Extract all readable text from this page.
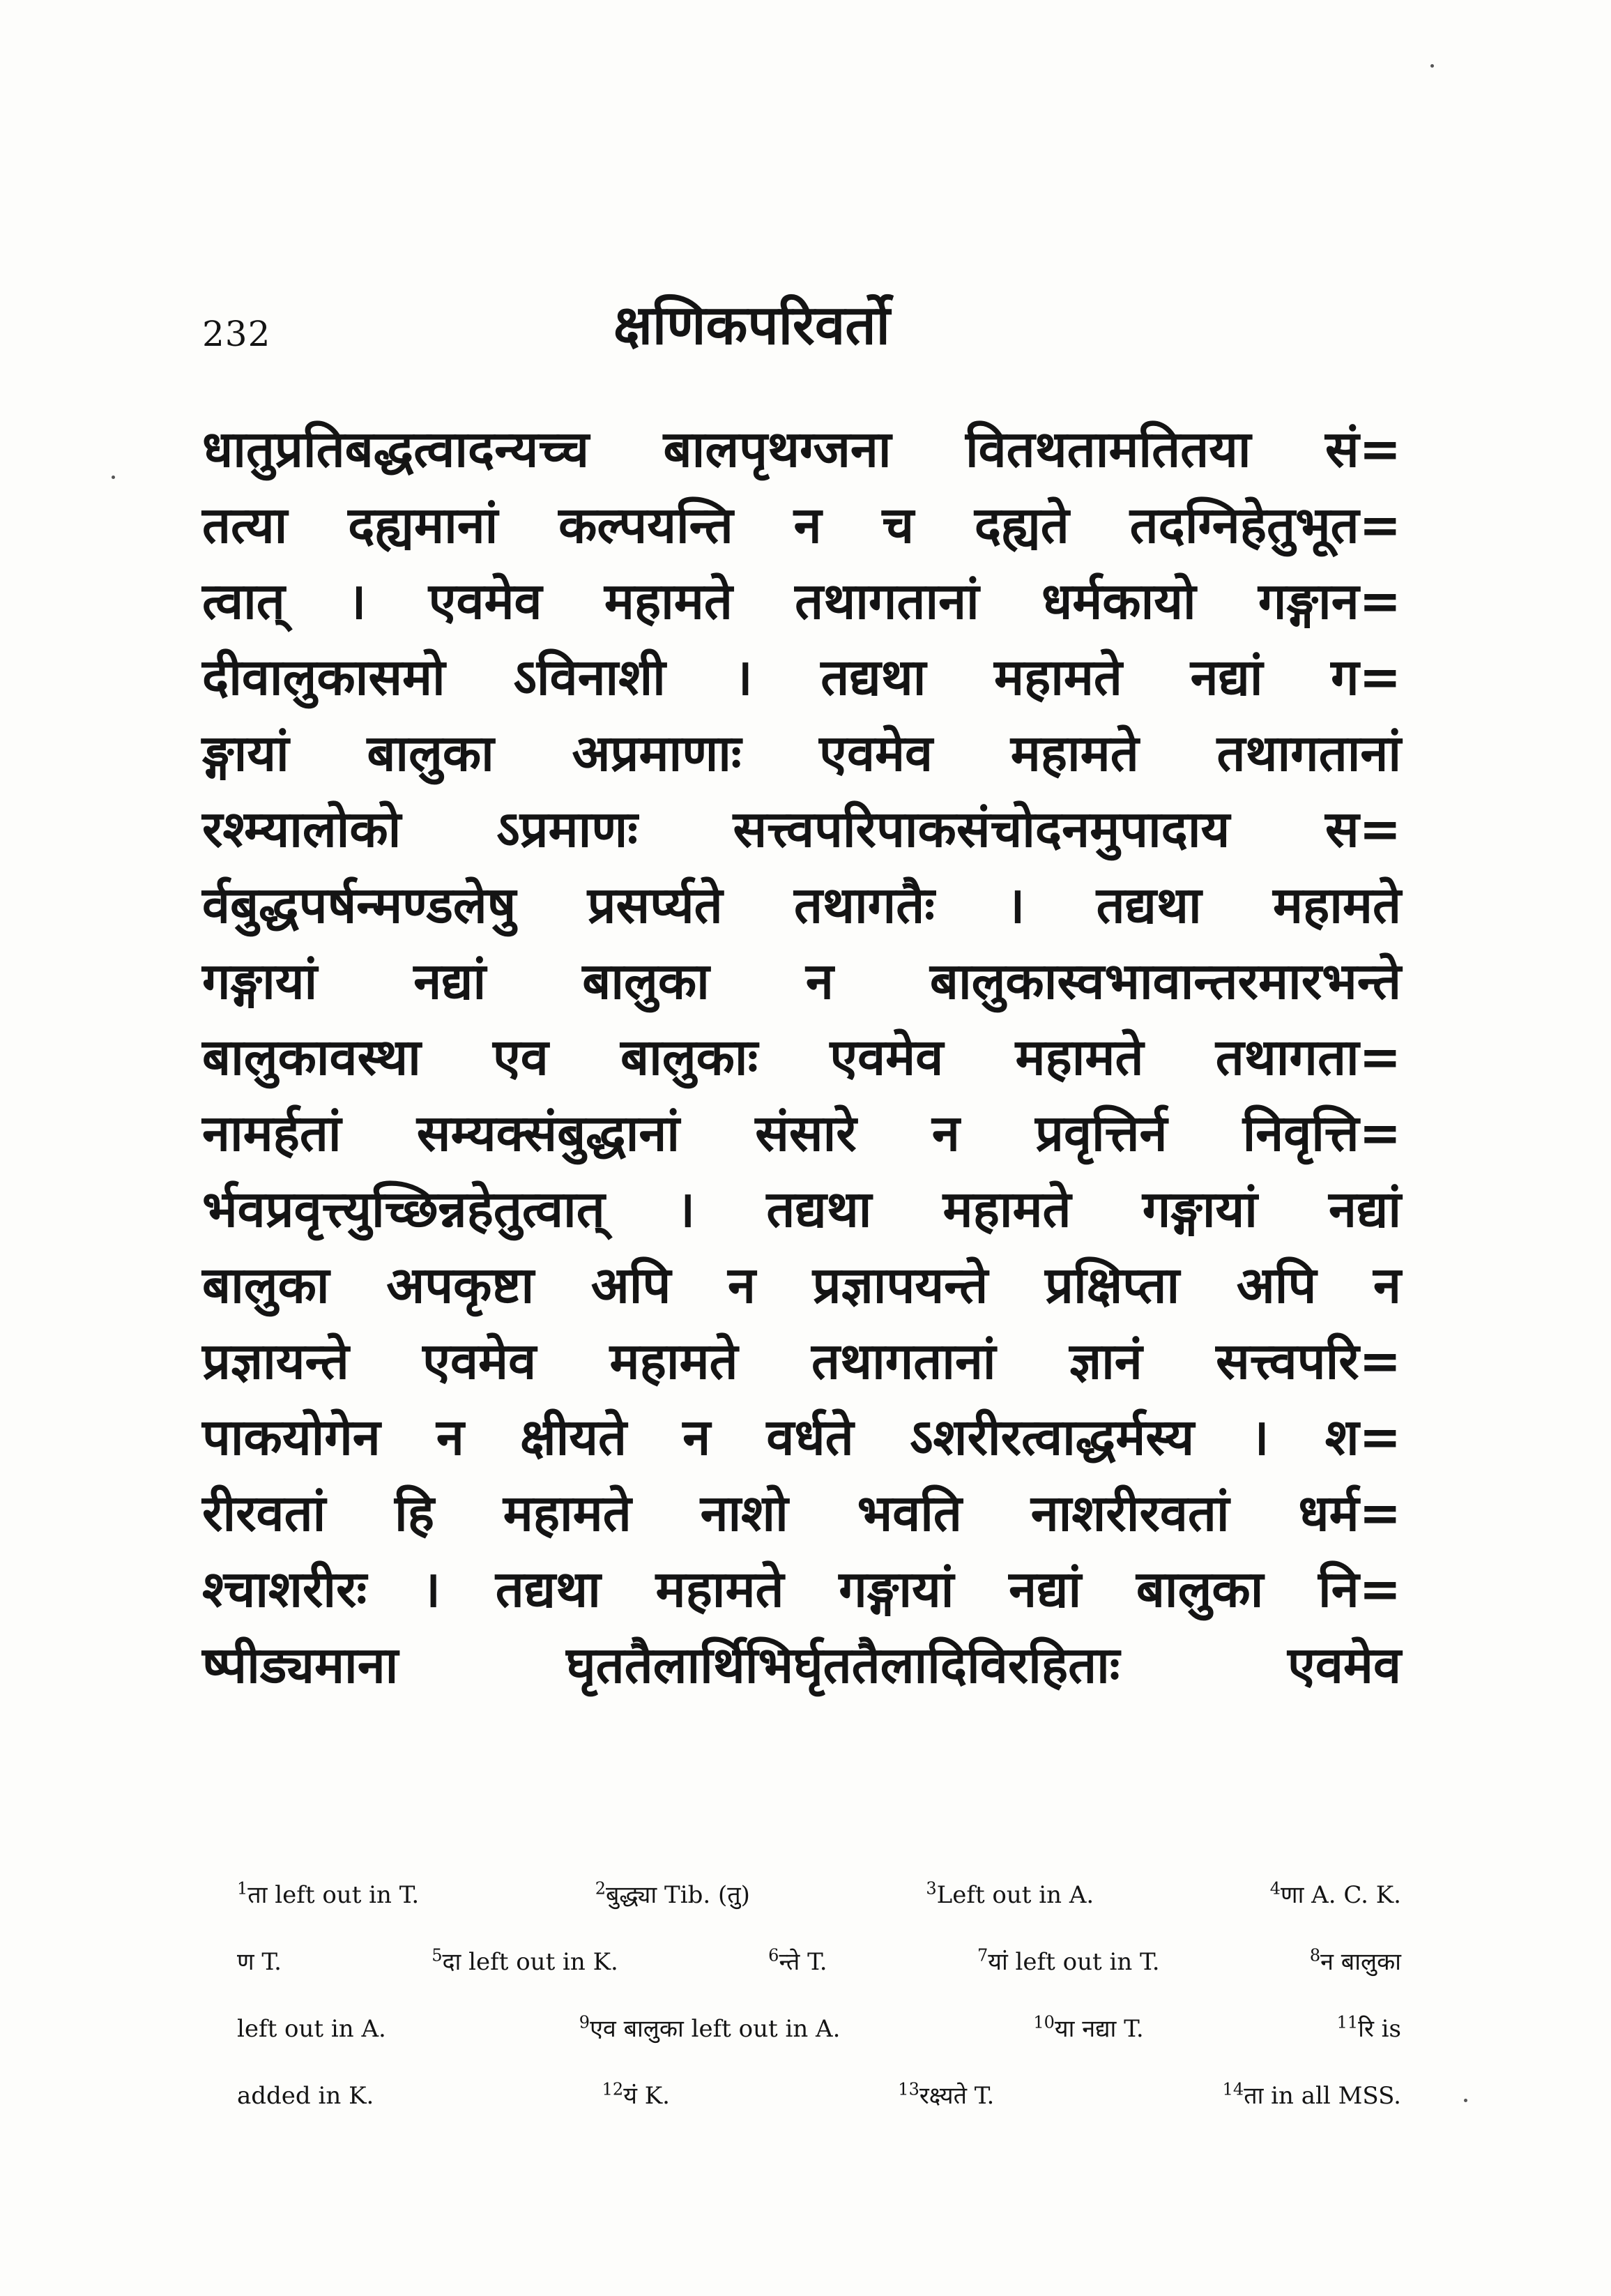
232	क्षणिकपरिवर्तो
धातुप्रतिबद्धत्वादन्यच्च बालपृथग्जना वितथतामतितया सं=
तत्या दह्यमानां कल्पयन्ति न च दह्यते तदग्निहेतुभूत=
त्वात् । एवमेव महामते तथागतानां धर्मकायो गङ्गान=
दीवालुकासमो ऽविनाशी । तद्यथा महामते नद्यां ग=
ङ्गायां बालुका अप्रमाणाः एवमेव महामते तथागतानां
रश्म्यालोको ऽप्रमाणः सत्त्वपरिपाकसंचोदनमुपादाय स=
र्वबुद्धपर्षन्मण्डलेषु प्रसर्प्यते तथागतैः । तद्यथा महामते
गङ्गायां नद्यां बालुका न बालुकास्वभावान्तरमारभन्ते
बालुकावस्था एव बालुकाः एवमेव महामते तथागता=
नामर्हतां सम्यक्संबुद्धानां संसारे न प्रवृत्तिर्न निवृत्ति=
र्भवप्रवृत्त्युच्छिन्नहेतुत्वात् । तद्यथा महामते गङ्गायां नद्यां
बालुका अपकृष्टा अपि न प्रज्ञापयन्ते प्रक्षिप्ता अपि न
प्रज्ञायन्ते एवमेव महामते तथागतानां ज्ञानं सत्त्वपरि=
पाकयोगेन न क्षीयते न वर्धते ऽशरीरत्वाद्धर्मस्य । श=
रीरवतां हि महामते नाशो भवति नाशरीरवतां धर्म=
श्चाशरीरः । तद्यथा महामते गङ्गायां नद्यां बालुका नि=
ष्पीड्यमाना घृततैलार्थिभिर्घृततैलादिविरहिताः एवमेव
$^1$ता left out in T.	$^2$बुद्ध्या Tib. (तु)	$^3$Left out in A.	$^4$णा A. C. K.
ण T.	$^5$दा left out in K.	$^6$न्ते T.	$^7$यां left out in T.	$^8$न बालुका
left out in A.	$^9$एव बालुका left out in A.	$^{10}$या नद्या T.	$^{11}$रि is
added in K.	$^{12}$यं K.	$^{13}$रक्ष्यते T.	$^{14}$ता in all MSS.
